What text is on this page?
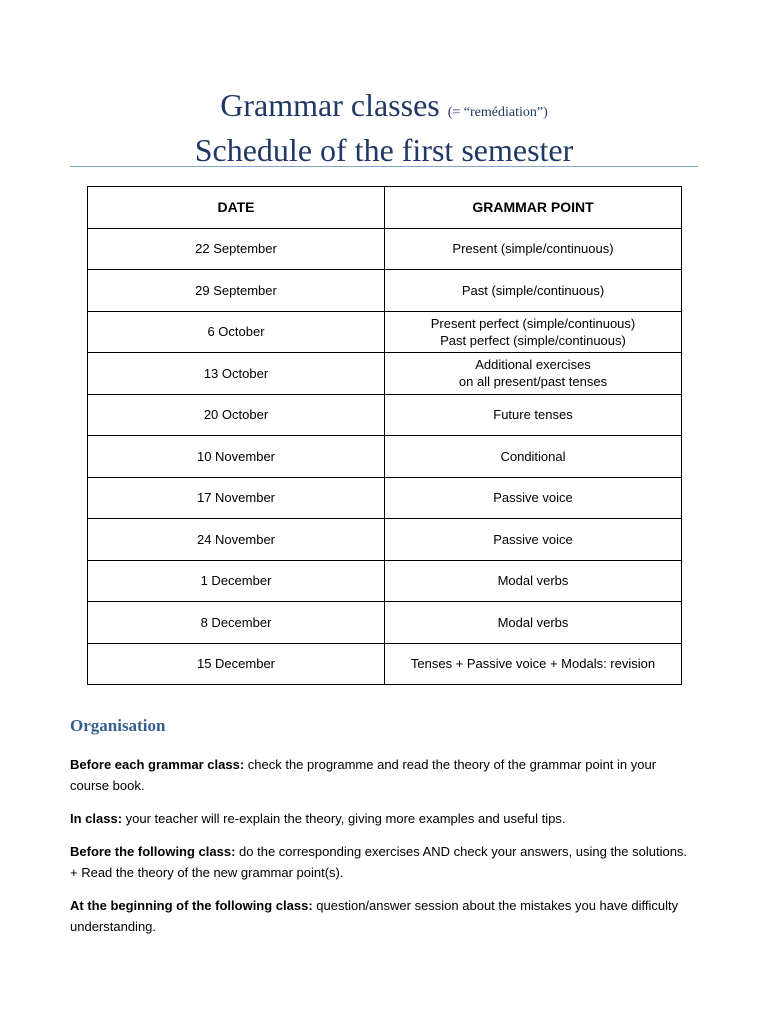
Grammar classes (= “remédiation”)
Schedule of the first semester
DATE	GRAMMAR POINT
22 September	Present (simple/continuous)

29 September	Past (simple/continuous)

6 October	Present perfect (simple/continuous)
Past perfect (simple/continuous)

13 October	Additional exercises
on all present/past tenses

20 October	Future tenses

10 November	Conditional

17 November	Passive voice

24 November	Passive voice

1 December	Modal verbs

8 December	Modal verbs

15 December	Tenses + Passive voice + Modals: revision
Organisation

Before each grammar class: check the programme and read the theory of the grammar point in your course book.

In class: your teacher will re-explain the theory, giving more examples and useful tips.

Before the following class: do the corresponding exercises AND check your answers, using the solutions. + Read the theory of the new grammar point(s).

At the beginning of the following class: question/answer session about the mistakes you have difficulty understanding.
